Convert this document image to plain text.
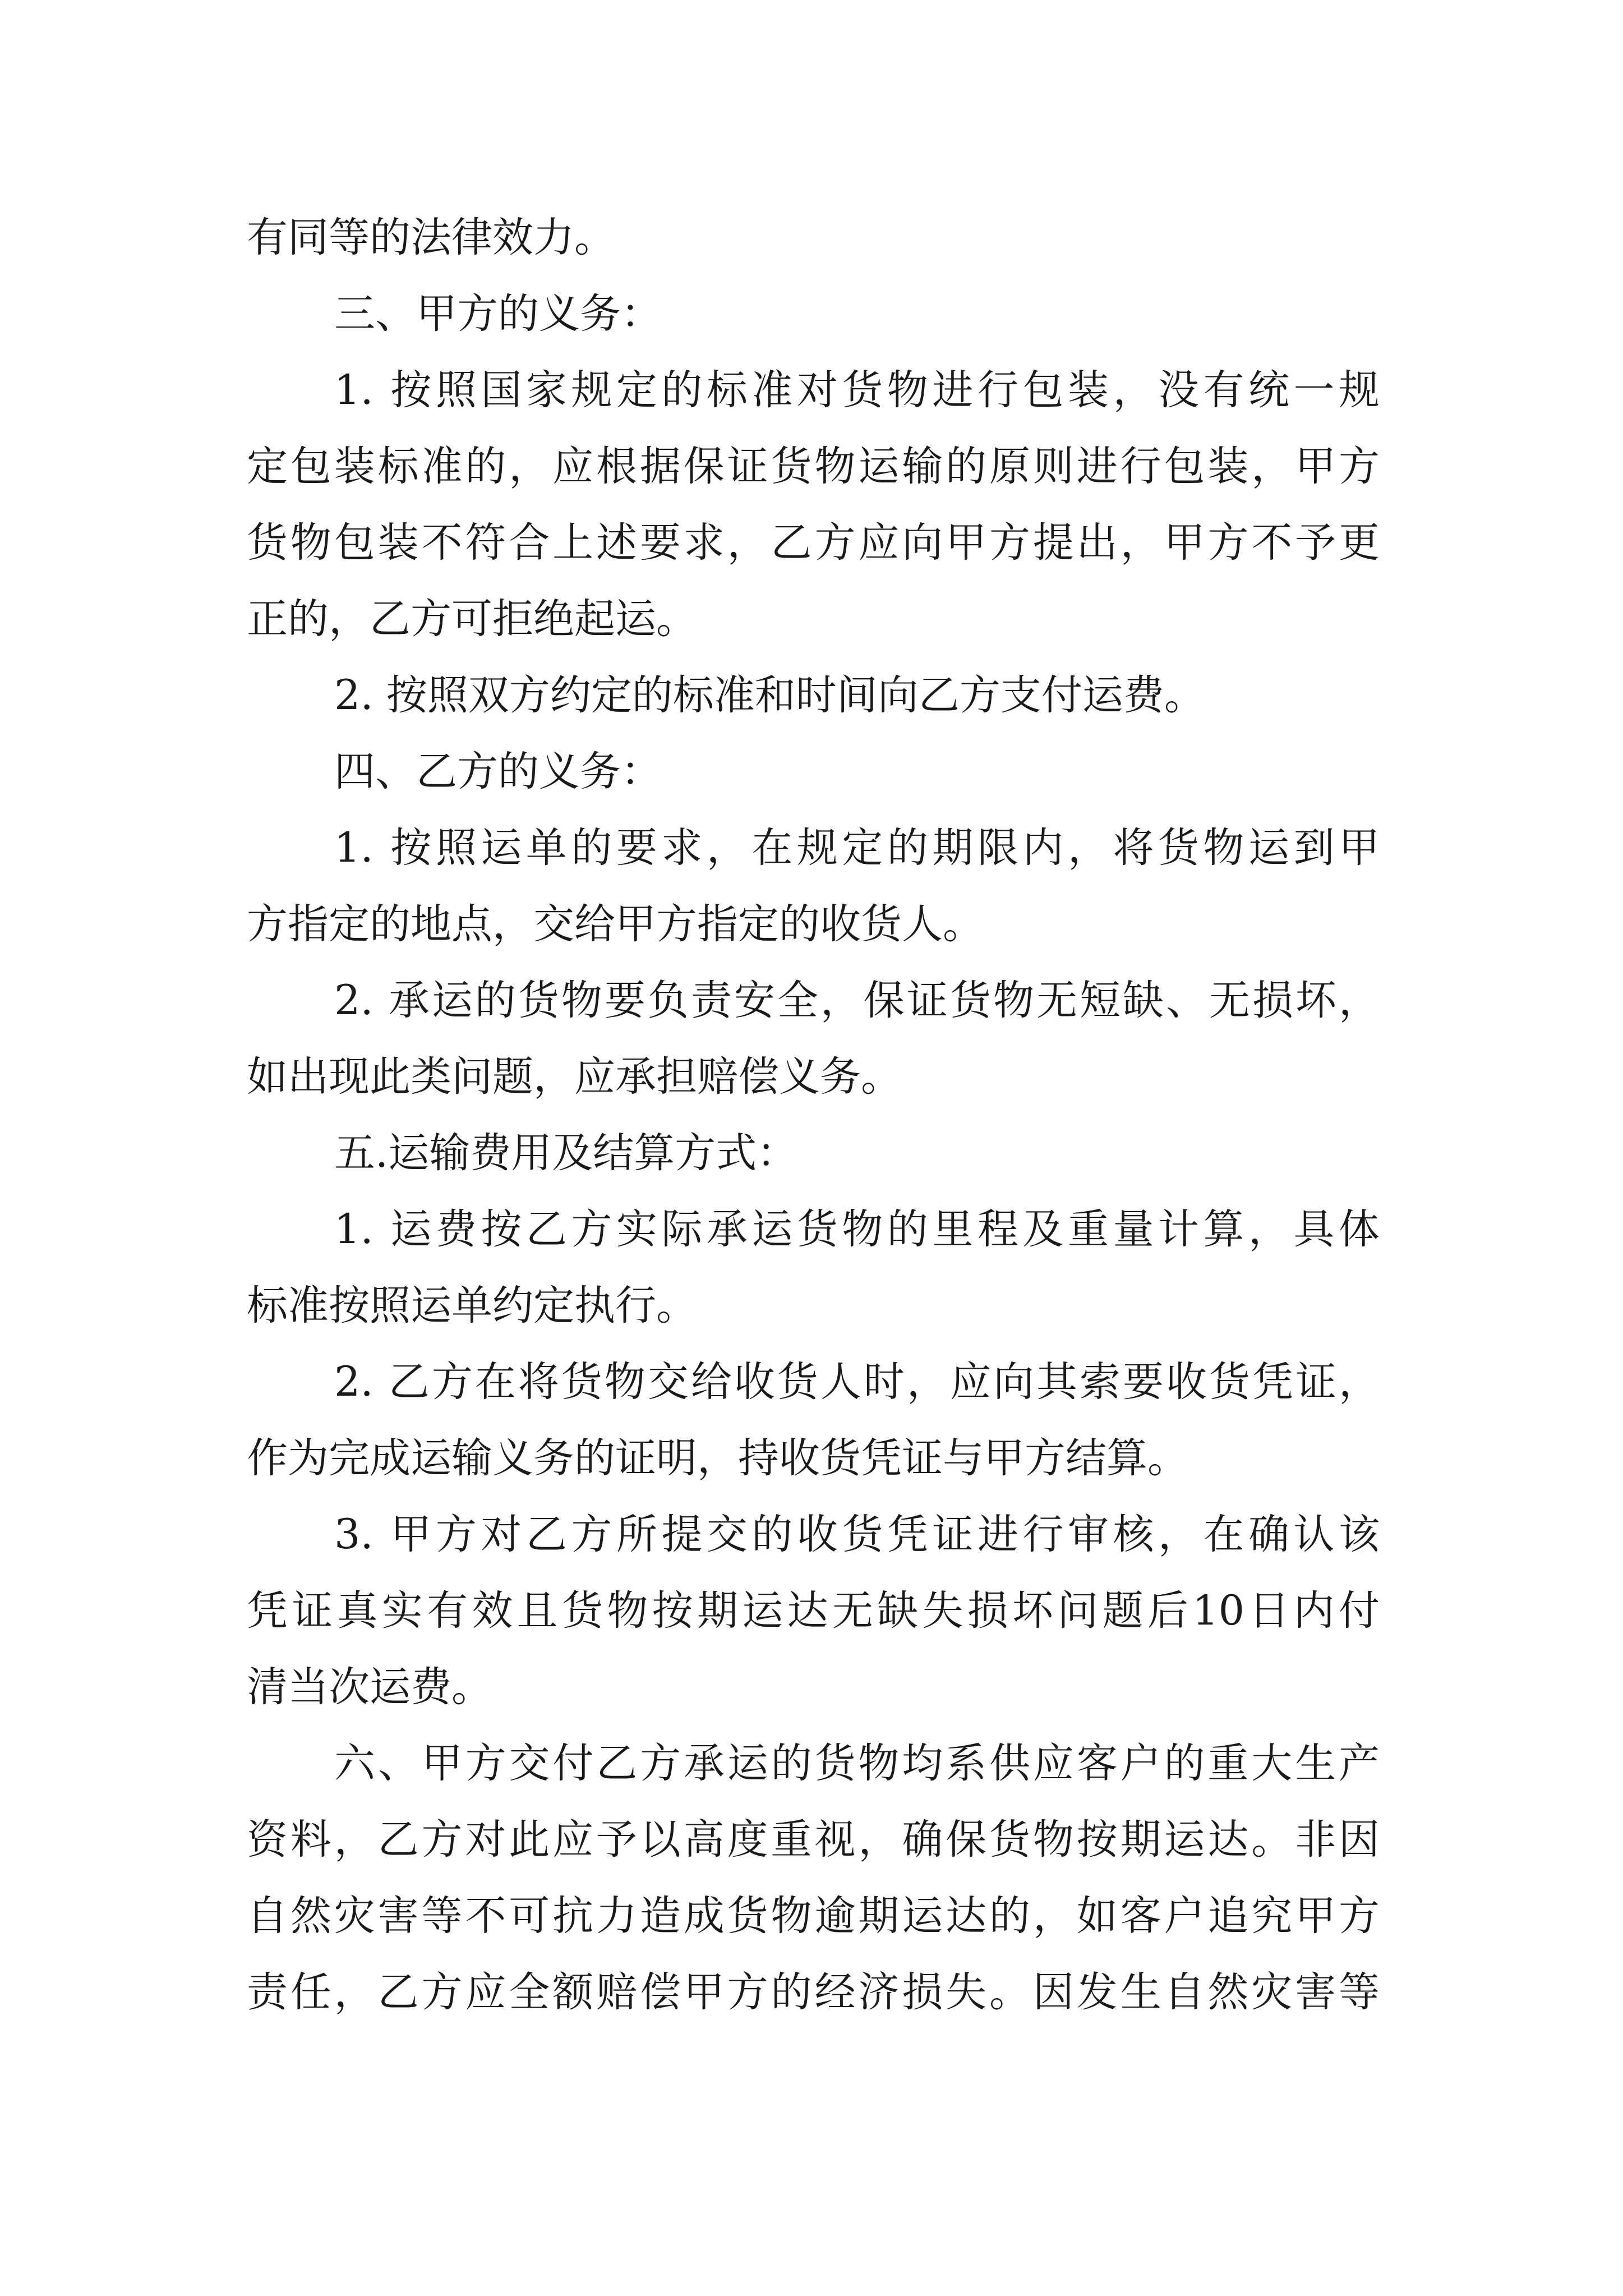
有同等的法律效力。
三、甲方的义务：
1. 按照国家规定的标准对货物进行包装，没有统一规
定包装标准的，应根据保证货物运输的原则进行包装，甲方
货物包装不符合上述要求，乙方应向甲方提出，甲方不予更
正的，乙方可拒绝起运。
2. 按照双方约定的标准和时间向乙方支付运费。
四、乙方的义务：
1. 按照运单的要求，在规定的期限内，将货物运到甲
方指定的地点，交给甲方指定的收货人。
2. 承运的货物要负责安全，保证货物无短缺、无损坏，
如出现此类问题，应承担赔偿义务。
五.运输费用及结算方式：
1. 运费按乙方实际承运货物的里程及重量计算，具体
标准按照运单约定执行。
2. 乙方在将货物交给收货人时，应向其索要收货凭证，
作为完成运输义务的证明，持收货凭证与甲方结算。
3. 甲方对乙方所提交的收货凭证进行审核，在确认该
凭证真实有效且货物按期运达无缺失损坏问题后10日内付
清当次运费。
六、甲方交付乙方承运的货物均系供应客户的重大生产
资料，乙方对此应予以高度重视，确保货物按期运达。非因
自然灾害等不可抗力造成货物逾期运达的，如客户追究甲方
责任，乙方应全额赔偿甲方的经济损失。因发生自然灾害等
